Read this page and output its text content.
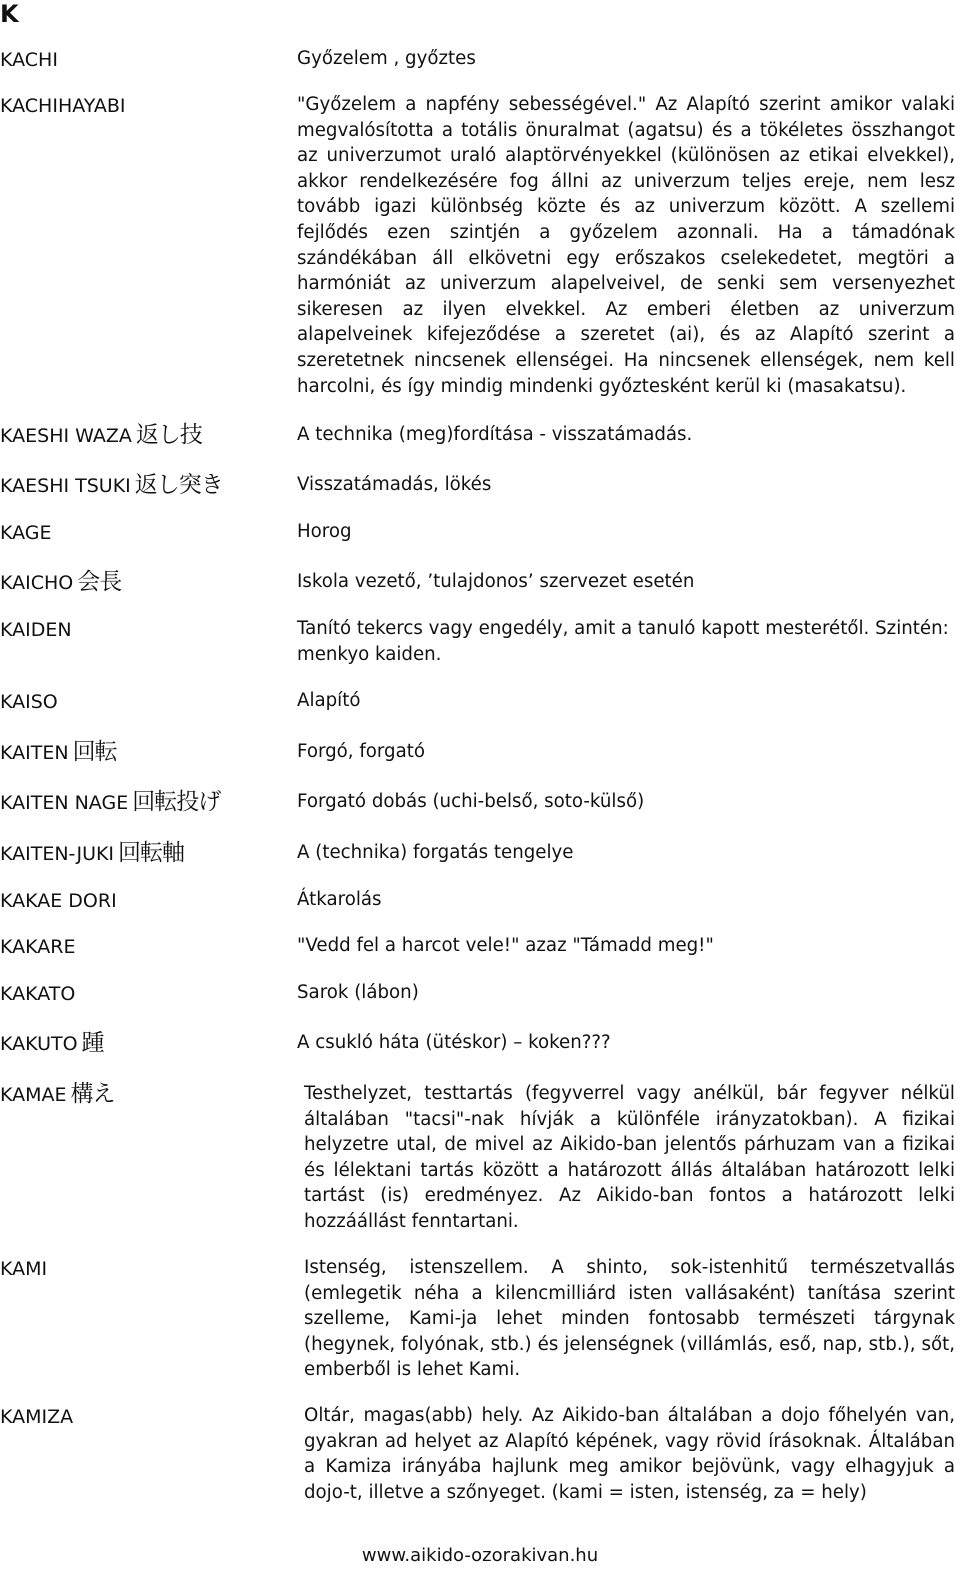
K
KACHI	Győzelem , győztes

KACHIHAYABI	"Győzelem a napfény sebességével." Az Alapító szerint amikor valaki megvalósította a totális önuralmat (agatsu) és a tökéletes összhangot az univerzumot uraló alaptörvényekkel (különösen az etikai elvekkel), akkor rendelkezésére fog állni az univerzum teljes ereje, nem lesz tovább igazi különbség közte és az univerzum között. A szellemi fejlődés ezen szintjén a győzelem azonnali. Ha a támadónak szándékában áll elkövetni egy erőszakos cselekedetet, megtöri a harmóniát az univerzum alapelveivel, de senki sem versenyezhet sikeresen az ilyen elvekkel. Az emberi életben az univerzum alapelveinek kifejeződése a szeretet (ai), és az Alapító szerint a szeretetnek nincsenek ellenségei. Ha nincsenek ellenségek, nem kell harcolni, és így mindig mindenki győztesként kerül ki (masakatsu).

KAESHI WAZA 返し技	A technika (meg)fordítása - visszatámadás.

KAESHI TSUKI 返し突き	Visszatámadás, lökés

KAGE	Horog

KAICHO 会長	Iskola vezető, ’tulajdonos’ szervezet esetén

KAIDEN	Tanító tekercs vagy engedély, amit a tanuló kapott mesterétől. Szintén: menkyo kaiden.

KAISO	Alapító

KAITEN 回転	Forgó, forgató

KAITEN NAGE 回転投げ	Forgató dobás (uchi-belső, soto-külső)

KAITEN-JUKI 回転軸	A (technika) forgatás tengelye

KAKAE DORI	Átkarolás

KAKARE	"Vedd fel a harcot vele!" azaz "Támadd meg!"

KAKATO	Sarok (lábon)

KAKUTO 踵	A csukló háta (ütéskor) – koken???

KAMAE 構え	Testhelyzet, testtartás (fegyverrel vagy anélkül, bár fegyver nélkül általában "tacsi"-nak hívják a különféle irányzatokban). A fizikai helyzetre utal, de mivel az Aikido-ban jelentős párhuzam van a fizikai és lélektani tartás között a határozott állás általában határozott lelki tartást (is) eredményez. Az Aikido-ban fontos a határozott lelki hozzáállást fenntartani.

KAMI	Istenség, istenszellem. A shinto, sok-istenhitű természetvallás (emlegetik néha a kilencmilliárd isten vallásaként) tanítása szerint szelleme, Kami-ja lehet minden fontosabb természeti tárgynak (hegynek, folyónak, stb.) és jelenségnek (villámlás, eső, nap, stb.), sőt, emberből is lehet Kami.

KAMIZA	Oltár, magas(abb) hely. Az Aikido-ban általában a dojo főhelyén van, gyakran ad helyet az Alapító képének, vagy rövid írásoknak. Általában a Kamiza irányába hajlunk meg amikor bejövünk, vagy elhagyjuk a dojo-t, illetve a szőnyeget. (kami = isten, istenség, za = hely)

www.aikido-ozorakivan.hu
